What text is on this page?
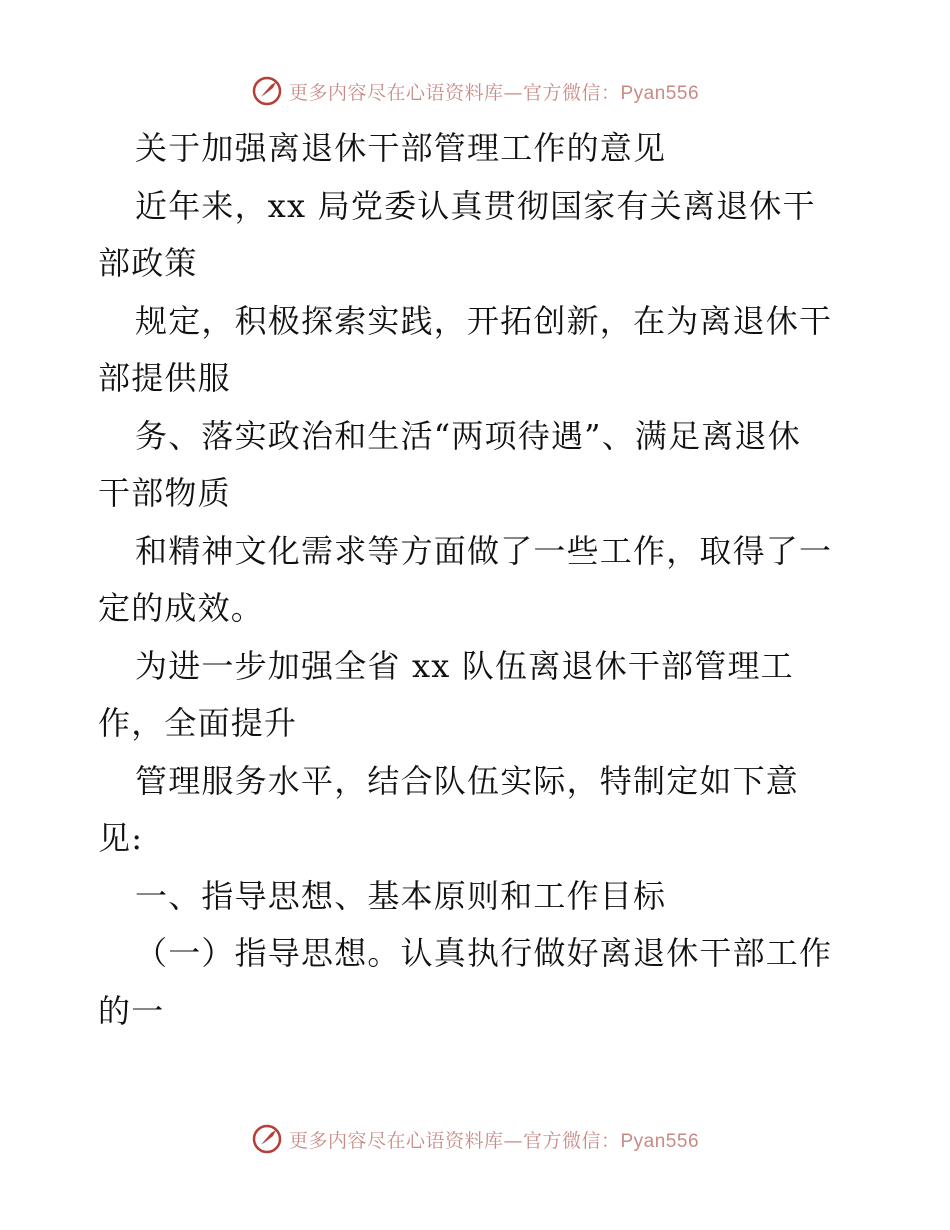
更多内容尽在心语资料库—官方微信：Pyan556
关于加强离退休干部管理工作的意见
近年来，xx 局党委认真贯彻国家有关离退休干
部政策
规定，积极探索实践，开拓创新，在为离退休干
部提供服
务、落实政治和生活“两项待遇”、满足离退休
干部物质
和精神文化需求等方面做了一些工作，取得了一
定的成效。
为进一步加强全省 xx 队伍离退休干部管理工
作，全面提升
管理服务水平，结合队伍实际，特制定如下意
见:
一、指导思想、基本原则和工作目标
（一）指导思想。认真执行做好离退休干部工作
的一
更多内容尽在心语资料库—官方微信：Pyan556
